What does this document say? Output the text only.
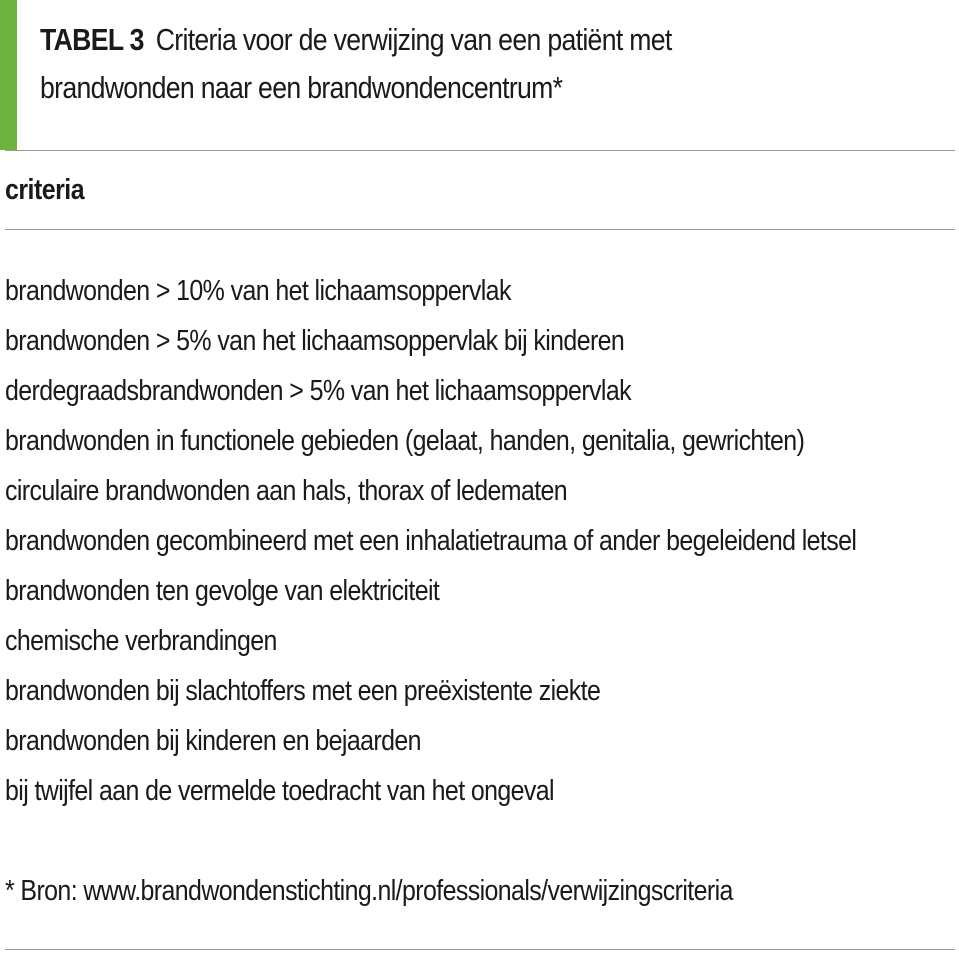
TABEL 3 Criteria voor de verwijzing van een patiënt met
brandwonden naar een brandwondencentrum*
criteria
brandwonden > 10% van het lichaamsoppervlak
brandwonden > 5% van het lichaamsoppervlak bij kinderen
derdegraadsbrandwonden > 5% van het lichaamsoppervlak
brandwonden in functionele gebieden (gelaat, handen, genitalia, gewrichten)
circulaire brandwonden aan hals, thorax of ledematen
brandwonden gecombineerd met een inhalatietrauma of ander begeleidend letsel
brandwonden ten gevolge van elektriciteit
chemische verbrandingen
brandwonden bij slachtoffers met een preëxistente ziekte
brandwonden bij kinderen en bejaarden
bij twijfel aan de vermelde toedracht van het ongeval
* Bron: www.brandwondenstichting.nl/professionals/verwijzingscriteria
